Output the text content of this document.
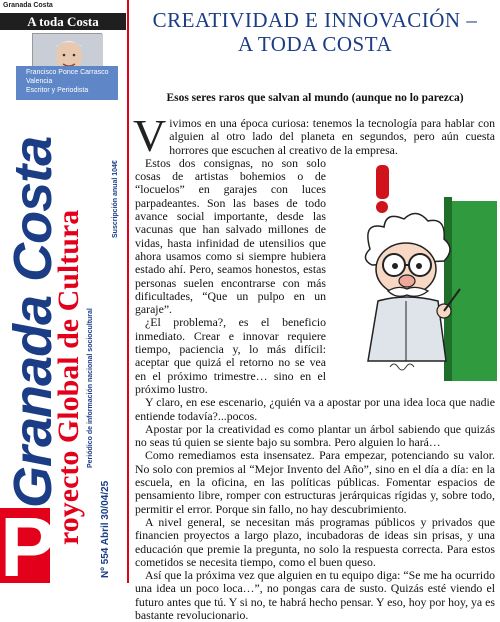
Granada Costa
A toda Costa
Francisco Ponce Carrasco
Valencia
Escritor y Periodista
Suscripción anual 104€
Periódico de información nacional sociocultural
Granada Costa
royecto Global de Cultura Nº 554 Abril 30/04/25
P
CREATIVIDAD E INNOVACIÓN –
A TODA COSTA
Esos seres raros que salvan al mundo (aunque no lo parezca)

Vivimos en una época curiosa: tenemos la tecnología para hablar con alguien al otro lado del planeta en segundos, pero aún cuesta horrores que escuchen al creativo de la empresa.

Estos dos consignas, no son solo cosas de artistas bohemios o de “locuelos” en garajes con luces parpadeantes. Son las bases de todo avance social importante, desde las vacunas que han salvado millones de vidas, hasta infinidad de utensilios que ahora usamos como si siempre hubiera estado ahí. Pero, seamos honestos, estas personas suelen encontrarse con más dificultades, “Que un pulpo en un garaje”.

¿El problema?, es el beneficio inmediato. Crear e innovar requiere tiempo, paciencia y, lo más difícil: aceptar que quizá el retorno no se vea en el próximo trimestre… sino en el próximo lustro.

Y claro, en ese escenario, ¿quién va a apostar por una idea loca que nadie entiende todavía?...pocos.

Apostar por la creatividad es como plantar un árbol sabiendo que quizás no seas tú quien se siente bajo su sombra. Pero alguien lo hará…

Como remediamos esta insensatez. Para empezar, potenciando su valor. No solo con premios al “Mejor Invento del Año”, sino en el día a día: en la escuela, en la oficina, en las políticas públicas. Fomentar espacios de pensamiento libre, romper con estructuras jerárquicas rígidas y, sobre todo, permitir el error. Porque sin fallo, no hay descubrimiento.

A nivel general, se necesitan más programas públicos y privados que financien proyectos a largo plazo, incubadoras de ideas sin prisas, y una educación que premie la pregunta, no solo la respuesta correcta. Para estos cometidos se necesita tiempo, como el buen queso.

Así que la próxima vez que alguien en tu equipo diga: “Se me ha ocurrido una idea un poco loca…”, no pongas cara de susto. Quizás esté viendo el futuro antes que tú. Y si no, te habrá hecho pensar. Y eso, hoy por hoy, ya es bastante revolucionario.
